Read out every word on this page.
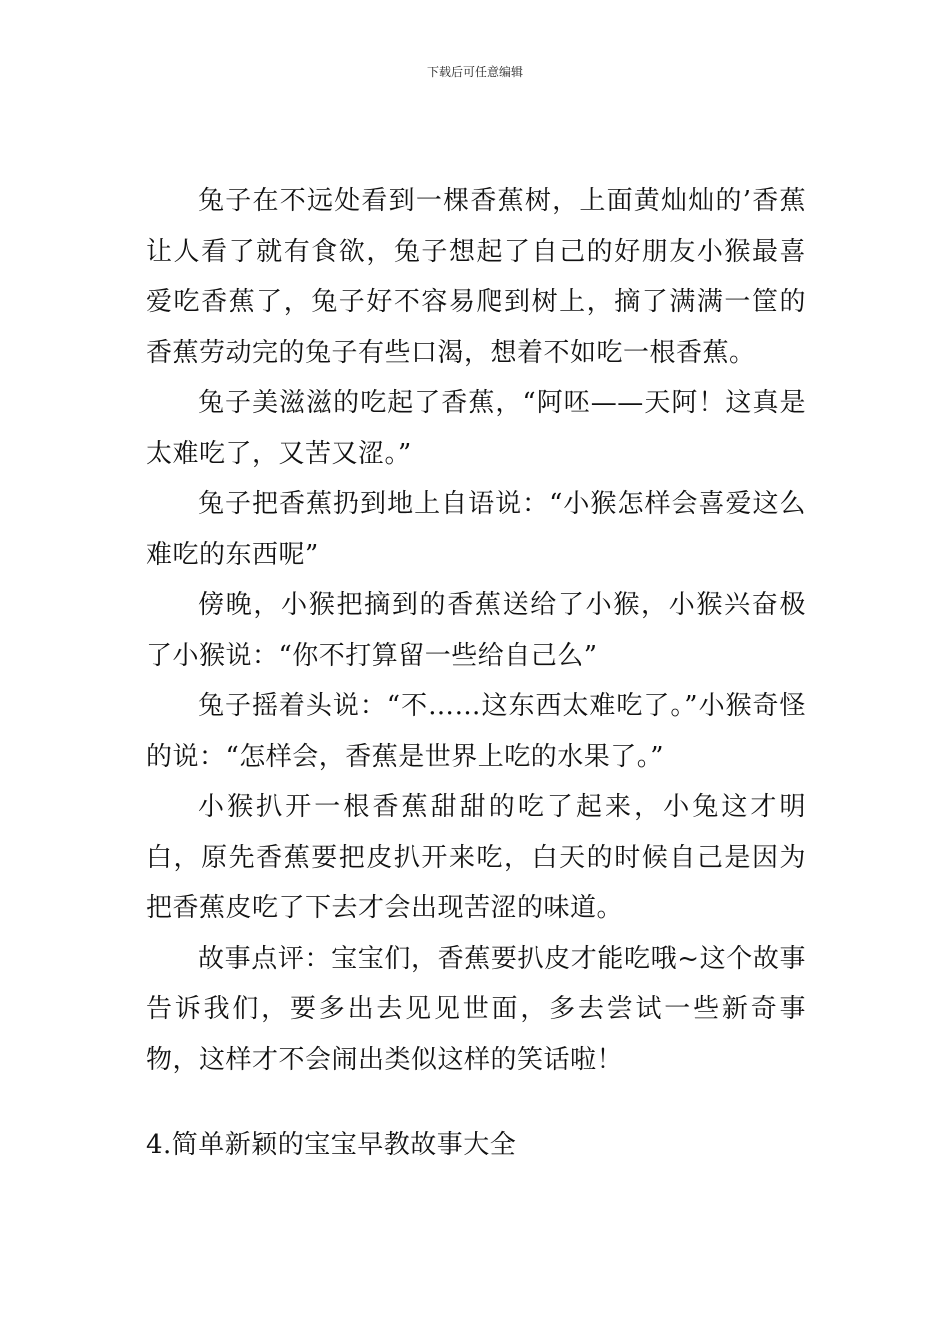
下载后可任意编辑

兔子在不远处看到一棵香蕉树，上面黄灿灿的’香蕉让人看了就有食欲，兔子想起了自己的好朋友小猴最喜爱吃香蕉了，兔子好不容易爬到树上，摘了满满一筐的香蕉劳动完的兔子有些口渴，想着不如吃一根香蕉。

兔子美滋滋的吃起了香蕉，“阿呸——天阿！这真是太难吃了，又苦又涩。”

兔子把香蕉扔到地上自语说：“小猴怎样会喜爱这么难吃的东西呢”

傍晚，小猴把摘到的香蕉送给了小猴，小猴兴奋极了小猴说：“你不打算留一些给自己么”

兔子摇着头说：“不……这东西太难吃了。”小猴奇怪的说：“怎样会，香蕉是世界上吃的水果了。”

小猴扒开一根香蕉甜甜的吃了起来，小兔这才明白，原先香蕉要把皮扒开来吃，白天的时候自己是因为把香蕉皮吃了下去才会出现苦涩的味道。

故事点评：宝宝们，香蕉要扒皮才能吃哦~这个故事告诉我们，要多出去见见世面，多去尝试一些新奇事物，这样才不会闹出类似这样的笑话啦！

4.简单新颖的宝宝早教故事大全
